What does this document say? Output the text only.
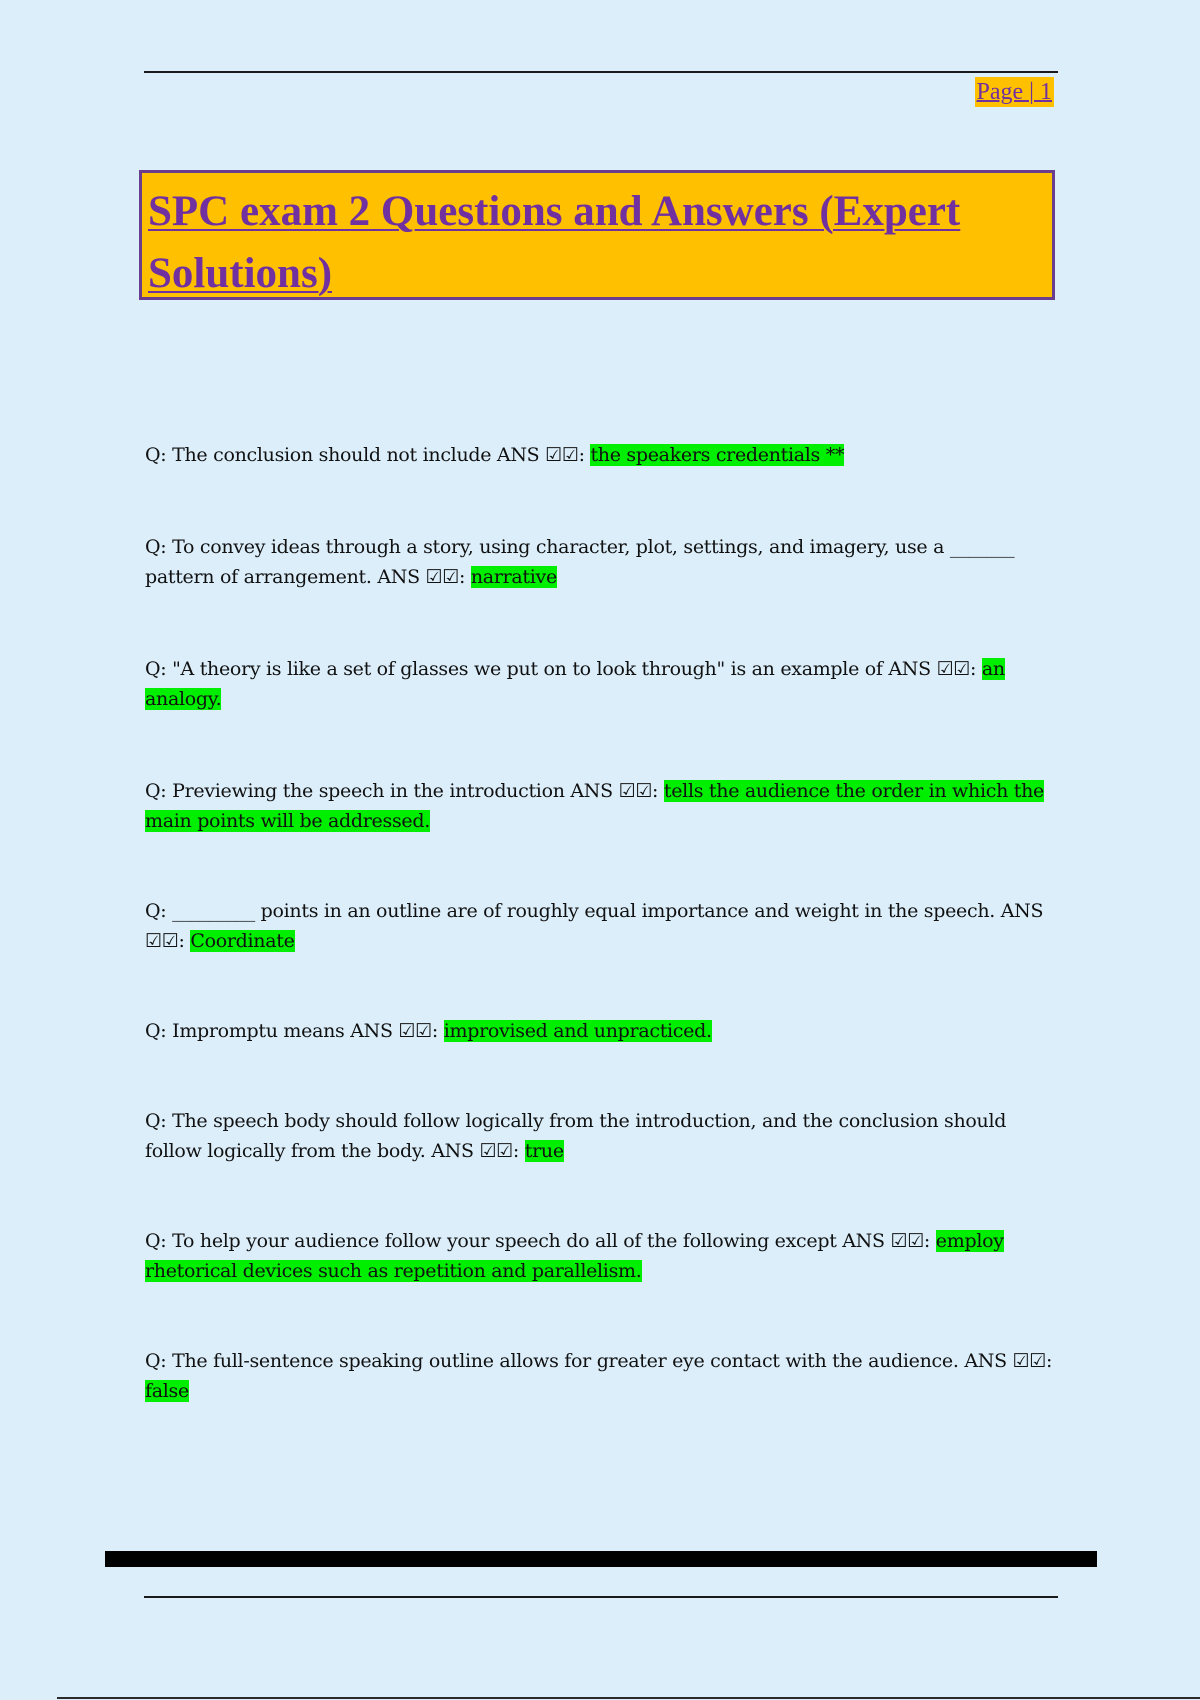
Page | 1
SPC exam 2 Questions and Answers (Expert Solutions)
Q: The conclusion should not include ANS ☑☑: the speakers credentials **
Q: To convey ideas through a story, using character, plot, settings, and imagery, use a _______ pattern of arrangement. ANS ☑☑: narrative
Q: "A theory is like a set of glasses we put on to look through" is an example of ANS ☑☑: an analogy.
Q: Previewing the speech in the introduction ANS ☑☑: tells the audience the order in which the main points will be addressed.
Q: _________ points in an outline are of roughly equal importance and weight in the speech. ANS ☑☑: Coordinate
Q: Impromptu means ANS ☑☑: improvised and unpracticed.
Q: The speech body should follow logically from the introduction, and the conclusion should follow logically from the body. ANS ☑☑: true
Q: To help your audience follow your speech do all of the following except ANS ☑☑: employ rhetorical devices such as repetition and parallelism.
Q: The full-sentence speaking outline allows for greater eye contact with the audience. ANS ☑☑: false
